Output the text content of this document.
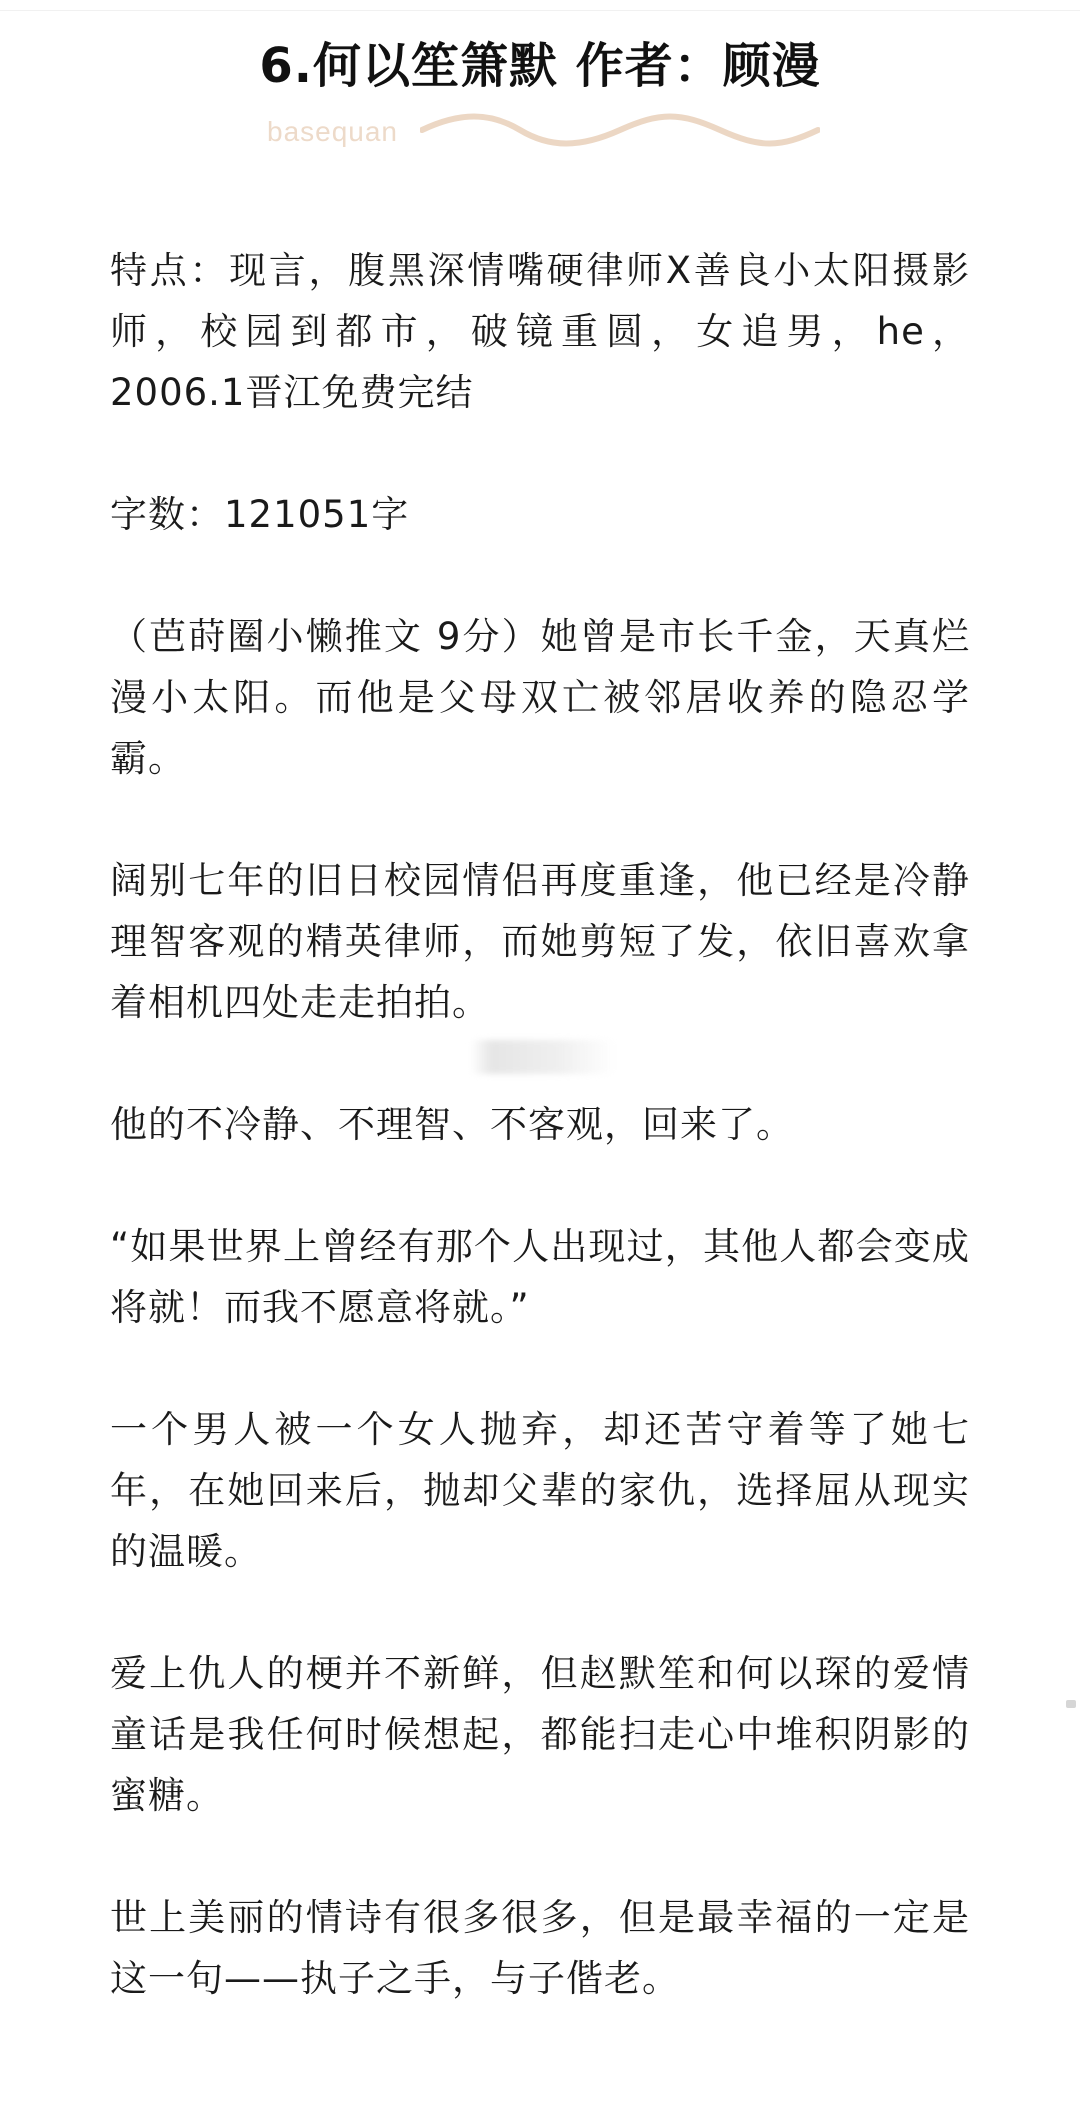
6.何以笙箫默 作者：顾漫
basequan

特点：现言，腹黑深情嘴硬律师X善良小太阳摄影师，校园到都市，破镜重圆，女追男，he，2006.1晋江免费完结

字数：121051字

（芭莳圈小懒推文 9分）她曾是市长千金，天真烂漫小太阳。而他是父母双亡被邻居收养的隐忍学霸。

阔别七年的旧日校园情侣再度重逢，他已经是冷静理智客观的精英律师，而她剪短了发，依旧喜欢拿着相机四处走走拍拍。

他的不冷静、不理智、不客观，回来了。

“如果世界上曾经有那个人出现过，其他人都会变成将就！而我不愿意将就。”

一个男人被一个女人抛弃，却还苦守着等了她七年，在她回来后，抛却父辈的家仇，选择屈从现实的温暖。

爱上仇人的梗并不新鲜，但赵默笙和何以琛的爱情童话是我任何时候想起，都能扫走心中堆积阴影的蜜糖。

世上美丽的情诗有很多很多，但是最幸福的一定是这一句——执子之手，与子偕老。
